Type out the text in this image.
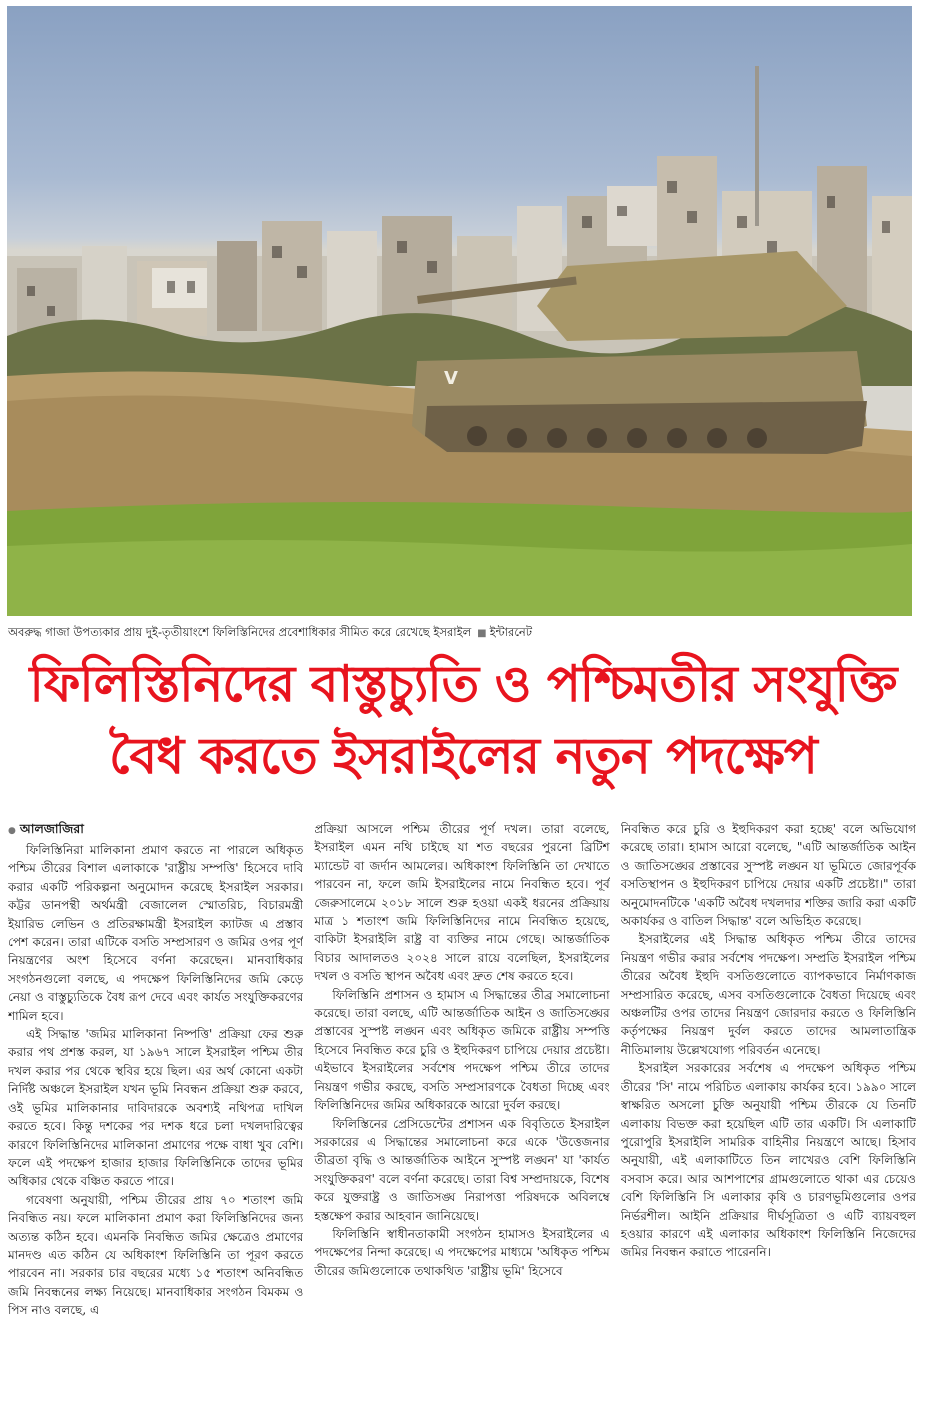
V
অবরুদ্ধ গাজা উপত্যকার প্রায় দুই-তৃতীয়াংশে ফিলিস্তিনিদের প্রবেশাধিকার সীমিত করে রেখেছে ইসরাইল ■ ইন্টারনেট
ফিলিস্তিনিদের বাস্তুচ্যুতি ও পশ্চিমতীর সংযুক্তি
বৈধ করতে ইসরাইলের নতুন পদক্ষেপ
● আলজাজিরা

ফিলিস্তিনিরা মালিকানা প্রমাণ করতে না পারলে অধিকৃত পশ্চিম তীরের বিশাল এলাকাকে 'রাষ্ট্রীয় সম্পত্তি' হিসেবে দাবি করার একটি পরিকল্পনা অনুমোদন করেছে ইসরাইল সরকার। কট্টর ডানপন্থী অর্থমন্ত্রী বেজালেল স্মোতরিচ, বিচারমন্ত্রী ইয়ারিভ লেভিন ও প্রতিরক্ষামন্ত্রী ইসরাইল ক্যাটজ এ প্রস্তাব পেশ করেন। তারা এটিকে বসতি সম্প্রসারণ ও জমির ওপর পূর্ণ নিয়ন্ত্রণের অংশ হিসেবে বর্ণনা করেছেন। মানবাধিকার সংগঠনগুলো বলছে, এ পদক্ষেপ ফিলিস্তিনিদের জমি কেড়ে নেয়া ও বাস্তুচ্যুতিকে বৈধ রূপ দেবে এবং কার্যত সংযুক্তিকরণের শামিল হবে।

এই সিদ্ধান্ত 'জমির মালিকানা নিষ্পত্তি' প্রক্রিয়া ফের শুরু করার পথ প্রশস্ত করল, যা ১৯৬৭ সালে ইসরাইল পশ্চিম তীর দখল করার পর থেকে স্থবির হয়ে ছিল। এর অর্থ কোনো একটা নির্দিষ্ট অঞ্চলে ইসরাইল যখন ভূমি নিবন্ধন প্রক্রিয়া শুরু করবে, ওই ভূমির মালিকানার দাবিদারকে অবশ্যই নথিপত্র দাখিল করতে হবে। কিন্তু দশকের পর দশক ধরে চলা দখলদারিত্বের কারণে ফিলিস্তিনিদের মালিকানা প্রমাণের পক্ষে বাধা খুব বেশি। ফলে এই পদক্ষেপ হাজার হাজার ফিলিস্তিনিকে তাদের ভূমির অধিকার থেকে বঞ্চিত করতে পারে।

গবেষণা অনুযায়ী, পশ্চিম তীরের প্রায় ৭০ শতাংশ জমি নিবন্ধিত নয়। ফলে মালিকানা প্রমাণ করা ফিলিস্তিনিদের জন্য অত্যন্ত কঠিন হবে। এমনকি নিবন্ধিত জমির ক্ষেত্রেও প্রমাণের মানদণ্ড এত কঠিন যে অধিকাংশ ফিলিস্তিনি তা পূরণ করতে পারবেন না। সরকার চার বছরের মধ্যে ১৫ শতাংশ অনিবন্ধিত জমি নিবন্ধনের লক্ষ্য নিয়েছে। মানবাধিকার সংগঠন বিমকম ও পিস নাও বলছে, এ

প্রক্রিয়া আসলে পশ্চিম তীরের পূর্ণ দখল। তারা বলেছে, ইসরাইল এমন নথি চাইছে যা শত বছরের পুরনো ব্রিটিশ ম্যান্ডেট বা জর্দান আমলের। অধিকাংশ ফিলিস্তিনি তা দেখাতে পারবেন না, ফলে জমি ইসরাইলের নামে নিবন্ধিত হবে। পূর্ব জেরুসালেমে ২০১৮ সালে শুরু হওয়া একই ধরনের প্রক্রিয়ায় মাত্র ১ শতাংশ জমি ফিলিস্তিনিদের নামে নিবন্ধিত হয়েছে, বাকিটা ইসরাইলি রাষ্ট্র বা ব্যক্তির নামে গেছে। আন্তর্জাতিক বিচার আদালতও ২০২৪ সালে রায়ে বলেছিল, ইসরাইলের দখল ও বসতি স্থাপন অবৈধ এবং দ্রুত শেষ করতে হবে।

ফিলিস্তিনি প্রশাসন ও হামাস এ সিদ্ধান্তের তীব্র সমালোচনা করেছে। তারা বলছে, এটি আন্তর্জাতিক আইন ও জাতিসঙ্ঘের প্রস্তাবের সুস্পষ্ট লঙ্ঘন এবং অধিকৃত জমিকে রাষ্ট্রীয় সম্পত্তি হিসেবে নিবন্ধিত করে চুরি ও ইহুদিকরণ চাপিয়ে দেয়ার প্রচেষ্টা। এইভাবে ইসরাইলের সর্বশেষ পদক্ষেপ পশ্চিম তীরে তাদের নিয়ন্ত্রণ গভীর করছে, বসতি সম্প্রসারণকে বৈধতা দিচ্ছে এবং ফিলিস্তিনিদের জমির অধিকারকে আরো দুর্বল করছে।

ফিলিস্তিনের প্রেসিডেন্টের প্রশাসন এক বিবৃতিতে ইসরাইল সরকারের এ সিদ্ধান্তের সমালোচনা করে একে 'উত্তেজনার তীব্রতা বৃদ্ধি ও আন্তর্জাতিক আইনে সুস্পষ্ট লঙ্ঘন' যা 'কার্যত সংযুক্তিকরণ' বলে বর্ণনা করেছে। তারা বিশ্ব সম্প্রদায়কে, বিশেষ করে যুক্তরাষ্ট্র ও জাতিসঙ্ঘ নিরাপত্তা পরিষদকে অবিলম্বে হস্তক্ষেপ করার আহবান জানিয়েছে।

ফিলিস্তিনি স্বাধীনতাকামী সংগঠন হামাসও ইসরাইলের এ পদক্ষেপের নিন্দা করেছে। এ পদক্ষেপের মাধ্যমে 'অধিকৃত পশ্চিম তীরের জমিগুলোকে তথাকথিত 'রাষ্ট্রীয় ভূমি' হিসেবে

নিবন্ধিত করে চুরি ও ইহুদিকরণ করা হচ্ছে' বলে অভিযোগ করেছে তারা। হামাস আরো বলেছে, "এটি আন্তর্জাতিক আইন ও জাতিসঙ্ঘের প্রস্তাবের সুস্পষ্ট লঙ্ঘন যা ভূমিতে জোরপূর্বক বসতিস্থাপন ও ইহুদিকরণ চাপিয়ে দেয়ার একটি প্রচেষ্টা।" তারা অনুমোদনটিকে 'একটি অবৈধ দখলদার শক্তির জারি করা একটি অকার্যকর ও বাতিল সিদ্ধান্ত' বলে অভিহিত করেছে।

ইসরাইলের এই সিদ্ধান্ত অধিকৃত পশ্চিম তীরে তাদের নিয়ন্ত্রণ গভীর করার সর্বশেষ পদক্ষেপ। সম্প্রতি ইসরাইল পশ্চিম তীরের অবৈধ ইহুদি বসতিগুলোতে ব্যাপকভাবে নির্মাণকাজ সম্প্রসারিত করেছে, এসব বসতিগুলোকে বৈধতা দিয়েছে এবং অঞ্চলটির ওপর তাদের নিয়ন্ত্রণ জোরদার করতে ও ফিলিস্তিনি কর্তৃপক্ষের নিয়ন্ত্রণ দুর্বল করতে তাদের আমলাতান্ত্রিক নীতিমালায় উল্লেখযোগ্য পরিবর্তন এনেছে।

ইসরাইল সরকারের সর্বশেষ এ পদক্ষেপ অধিকৃত পশ্চিম তীরের 'সি' নামে পরিচিত এলাকায় কার্যকর হবে। ১৯৯০ সালে স্বাক্ষরিত অসলো চুক্তি অনুযায়ী পশ্চিম তীরকে যে তিনটি এলাকায় বিভক্ত করা হয়েছিল এটি তার একটি। সি এলাকাটি পুরোপুরি ইসরাইলি সামরিক বাহিনীর নিয়ন্ত্রণে আছে। হিসাব অনুযায়ী, এই এলাকাটিতে তিন লাখেরও বেশি ফিলিস্তিনি বসবাস করে। আর আশপাশের গ্রামগুলোতে থাকা এর চেয়েও বেশি ফিলিস্তিনি সি এলাকার কৃষি ও চারণভূমিগুলোর ওপর নির্ভরশীল। আইনি প্রক্রিয়ার দীর্ঘসূত্রিতা ও এটি ব্যায়বহুল হওয়ার কারণে এই এলাকার অধিকাংশ ফিলিস্তিনি নিজেদের জমির নিবন্ধন করাতে পারেননি।
